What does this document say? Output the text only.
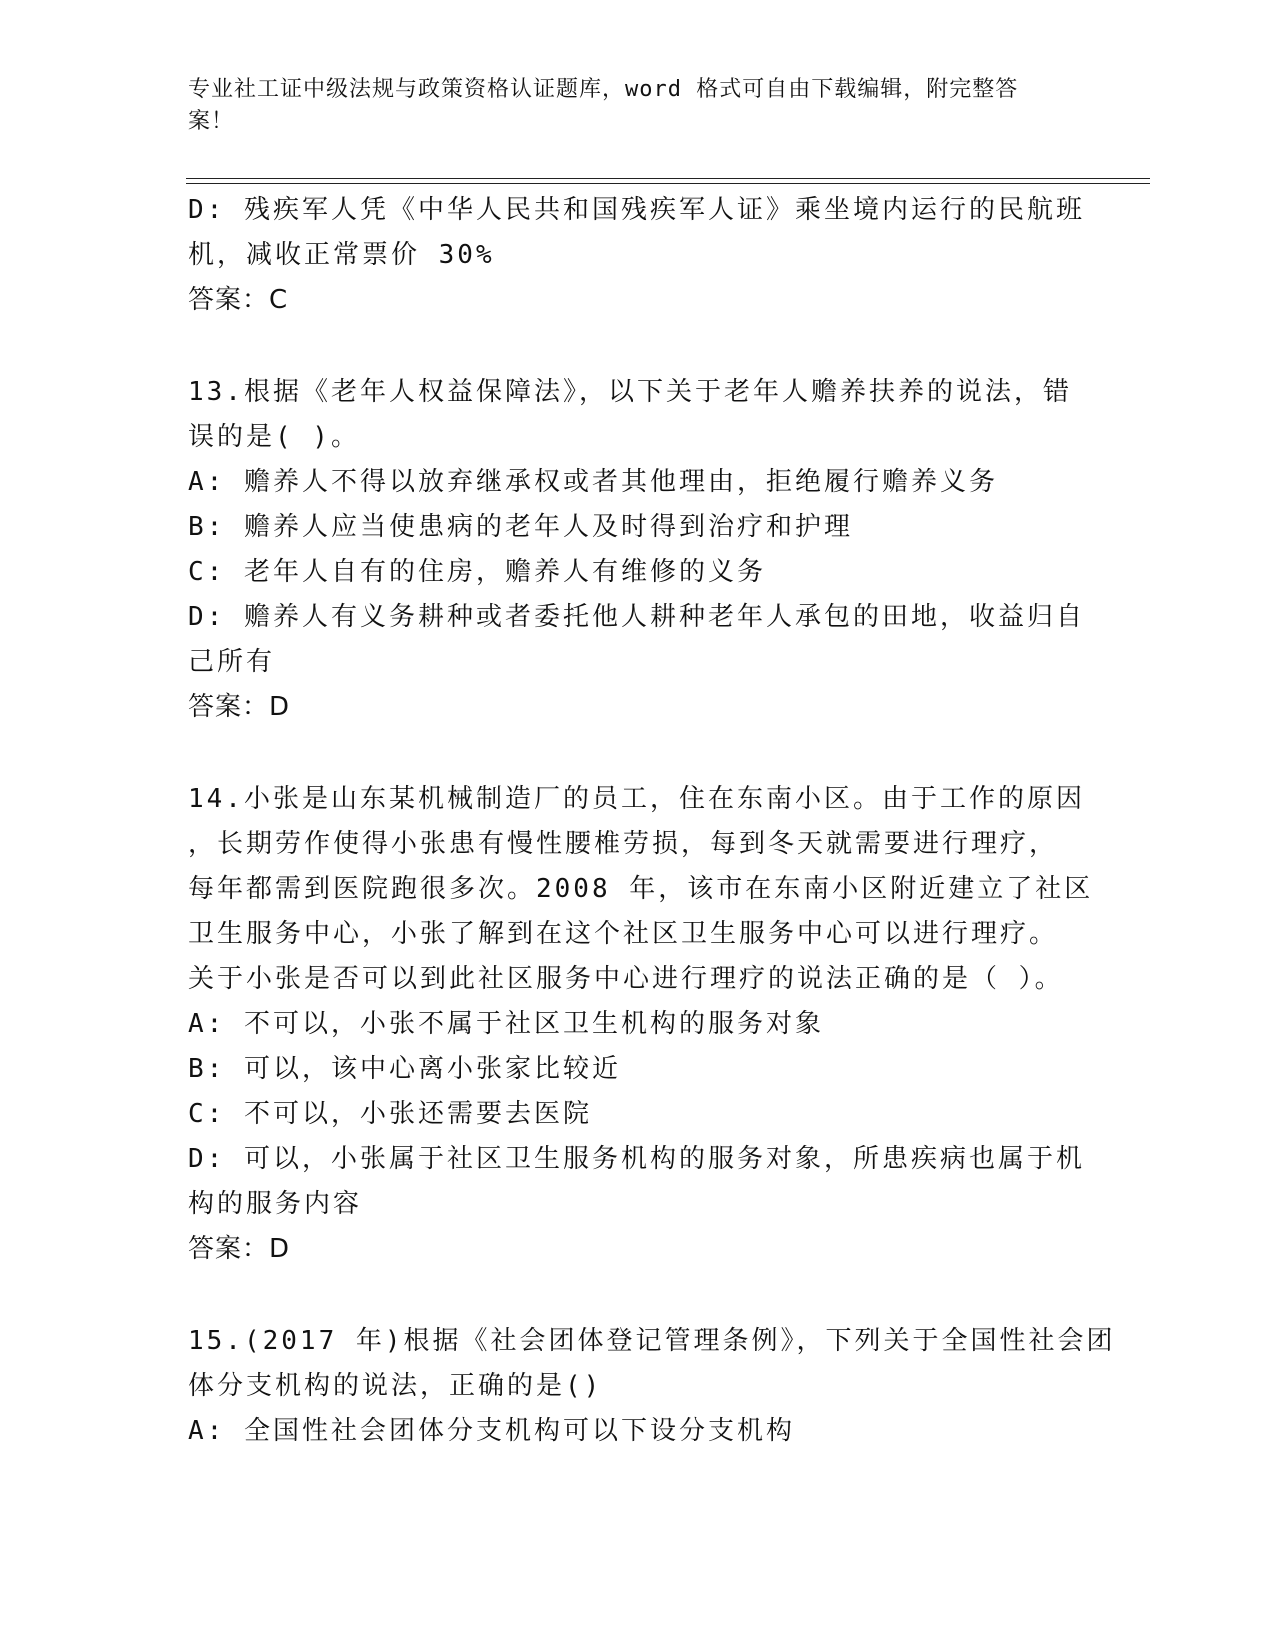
专业社工证中级法规与政策资格认证题库，word 格式可自由下载编辑，附完整答
案！
D: 残疾军人凭《中华人民共和国残疾军人证》乘坐境内运行的民航班
机，减收正常票价 30%
答案：C
13.根据《老年人权益保障法》，以下关于老年人赡养扶养的说法，错
误的是( )。
A: 赡养人不得以放弃继承权或者其他理由，拒绝履行赡养义务
B: 赡养人应当使患病的老年人及时得到治疗和护理
C: 老年人自有的住房，赡养人有维修的义务
D: 赡养人有义务耕种或者委托他人耕种老年人承包的田地，收益归自
己所有
答案：D
14.小张是山东某机械制造厂的员工，住在东南小区。由于工作的原因
，长期劳作使得小张患有慢性腰椎劳损，每到冬天就需要进行理疗，
每年都需到医院跑很多次。2008 年，该市在东南小区附近建立了社区
卫生服务中心，小张了解到在这个社区卫生服务中心可以进行理疗。
关于小张是否可以到此社区服务中心进行理疗的说法正确的是（ ）。
A: 不可以，小张不属于社区卫生机构的服务对象
B: 可以，该中心离小张家比较近
C: 不可以，小张还需要去医院
D: 可以，小张属于社区卫生服务机构的服务对象，所患疾病也属于机
构的服务内容
答案：D
15.(2017 年)根据《社会团体登记管理条例》，下列关于全国性社会团
体分支机构的说法，正确的是()
A: 全国性社会团体分支机构可以下设分支机构
